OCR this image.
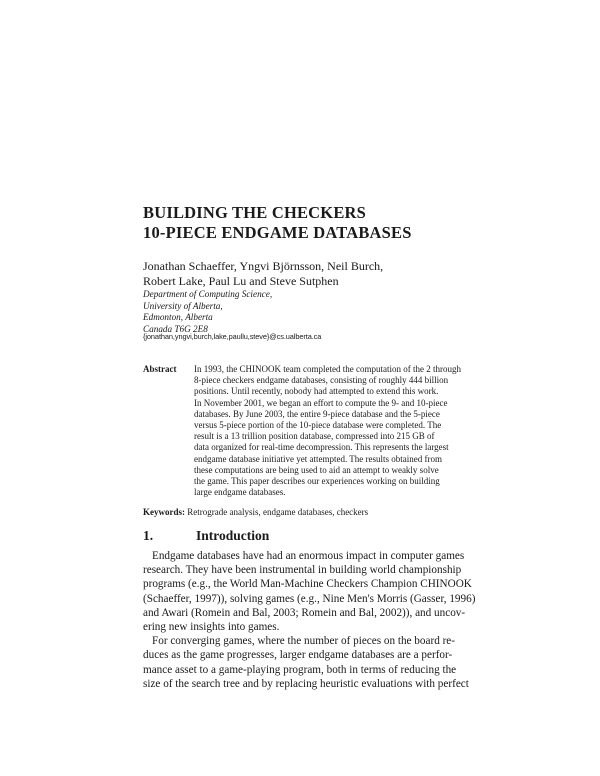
BUILDING THE CHECKERS
10-PIECE ENDGAME DATABASES
Jonathan Schaeffer, Yngvi Björnsson, Neil Burch,
Robert Lake, Paul Lu and Steve Sutphen
Department of Computing Science,
University of Alberta,
Edmonton, Alberta
Canada T6G 2E8
{jonathan,yngvi,burch,lake,paullu,steve}@cs.ualberta.ca
Abstract In 1993, the CHINOOK team completed the computation of the 2 through
8-piece checkers endgame databases, consisting of roughly 444 billion
positions. Until recently, nobody had attempted to extend this work.
In November 2001, we began an effort to compute the 9- and 10-piece
databases. By June 2003, the entire 9-piece database and the 5-piece
versus 5-piece portion of the 10-piece database were completed. The
result is a 13 trillion position database, compressed into 215 GB of
data organized for real-time decompression. This represents the largest
endgame database initiative yet attempted. The results obtained from
these computations are being used to aid an attempt to weakly solve
the game. This paper describes our experiences working on building
large endgame databases.
Keywords: Retrograde analysis, endgame databases, checkers
1.	Introduction
Endgame databases have had an enormous impact in computer games
research. They have been instrumental in building world championship
programs (e.g., the World Man-Machine Checkers Champion CHINOOK
(Schaeffer, 1997)), solving games (e.g., Nine Men's Morris (Gasser, 1996)
and Awari (Romein and Bal, 2003; Romein and Bal, 2002)), and uncov-
ering new insights into games.
For converging games, where the number of pieces on the board re-
duces as the game progresses, larger endgame databases are a perfor-
mance asset to a game-playing program, both in terms of reducing the
size of the search tree and by replacing heuristic evaluations with perfect
